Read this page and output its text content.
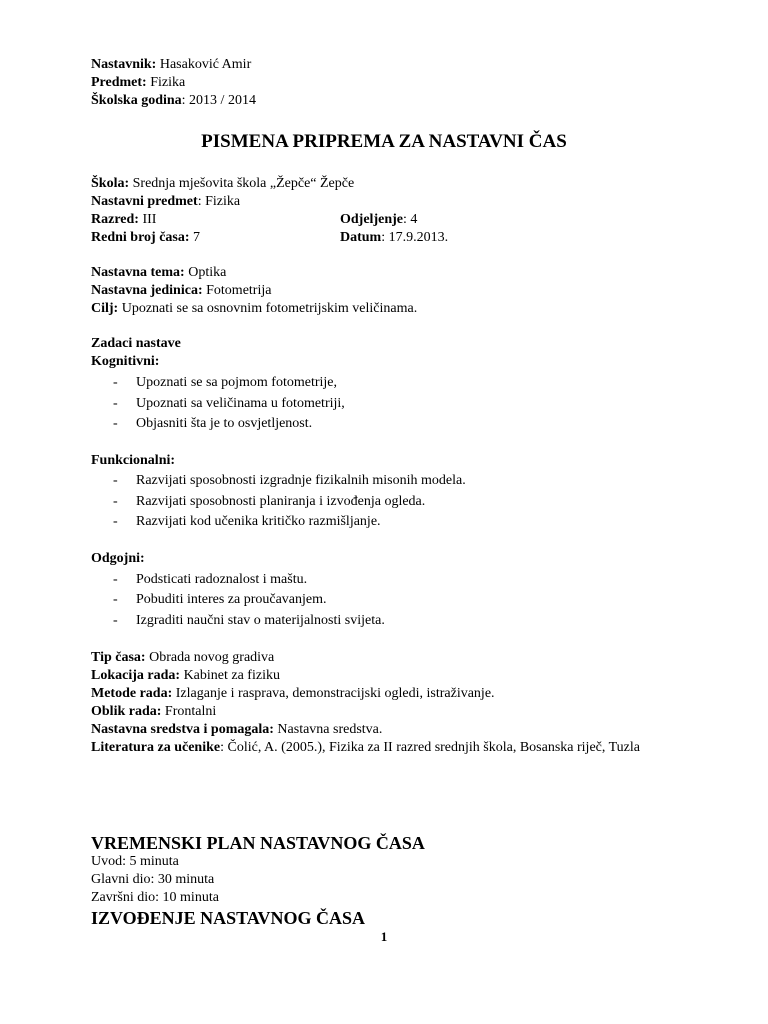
Nastavnik: Hasaković Amir
Predmet: Fizika
Školska godina: 2013 / 2014
PISMENA PRIPREMA ZA NASTAVNI ČAS
Škola: Srednja mješovita škola „Žepče“ Žepče
Nastavni predmet: Fizika
Razred: III	Odjeljenje: 4
Redni broj časa: 7	Datum: 17.9.2013.
Nastavna tema: Optika
Nastavna jedinica: Fotometrija
Cilj: Upoznati se sa osnovnim fotometrijskim veličinama.
Zadaci nastave
Kognitivni:
- Upoznati se sa pojmom fotometrije,
- Upoznati sa veličinama u fotometriji,
- Objasniti šta je to osvjetljenost.
Funkcionalni:
- Razvijati sposobnosti izgradnje fizikalnih misonih modela.
- Razvijati sposobnosti planiranja i izvođenja ogleda.
- Razvijati kod učenika kritičko razmišljanje.
Odgojni:
- Podsticati radoznalost i maštu.
- Pobuditi interes za proučavanjem.
- Izgraditi naučni stav o materijalnosti svijeta.
Tip časa: Obrada novog gradiva
Lokacija rada: Kabinet za fiziku
Metode rada: Izlaganje i rasprava, demonstracijski ogledi, istraživanje.
Oblik rada: Frontalni
Nastavna sredstva i pomagala: Nastavna sredstva.
Literatura za učenike: Čolić, A. (2005.), Fizika za II razred srednjih škola, Bosanska riječ, Tuzla
VREMENSKI PLAN NASTAVNOG ČASA
Uvod: 5 minuta
Glavni dio: 30 minuta
Završni dio: 10 minuta
IZVOĐENJE NASTAVNOG ČASA
1
